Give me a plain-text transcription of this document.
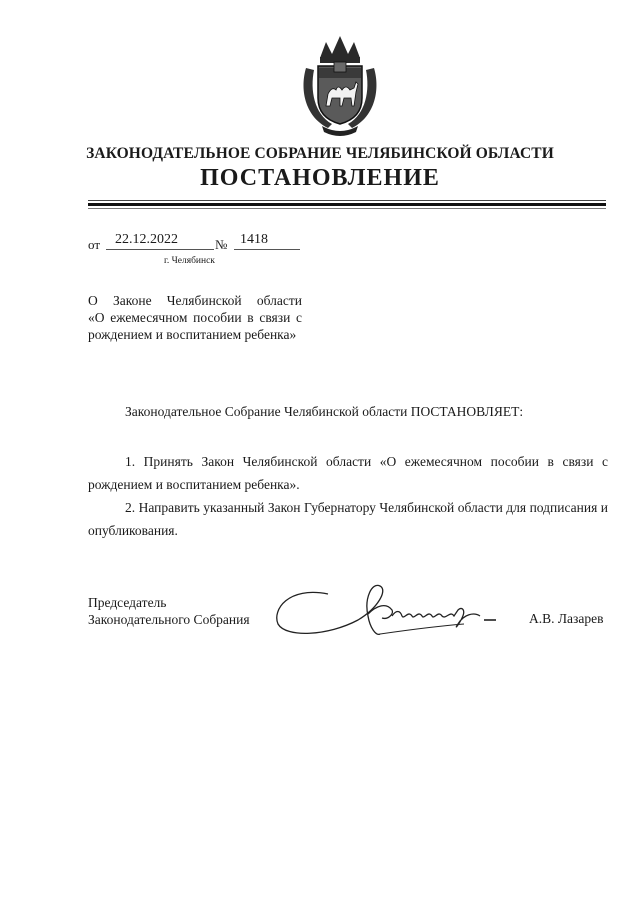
ЗАКОНОДАТЕЛЬНОЕ СОБРАНИЕ ЧЕЛЯБИНСКОЙ ОБЛАСТИ
ПОСТАНОВЛЕНИЕ
от 22.12.2022	№ 1418
г. Челябинск
О Законе Челябинской области
«О ежемесячном пособии в связи с
рождением и воспитанием ребенка»
Законодательное Собрание Челябинской области ПОСТАНОВЛЯЕТ:
1. Принять Закон Челябинской области «О ежемесячном пособии в связи с рождением и воспитанием ребенка».
2. Направить указанный Закон Губернатору Челябинской области для подписания и опубликования.
Председатель
Законодательного Собрания	А.В. Лазарев
